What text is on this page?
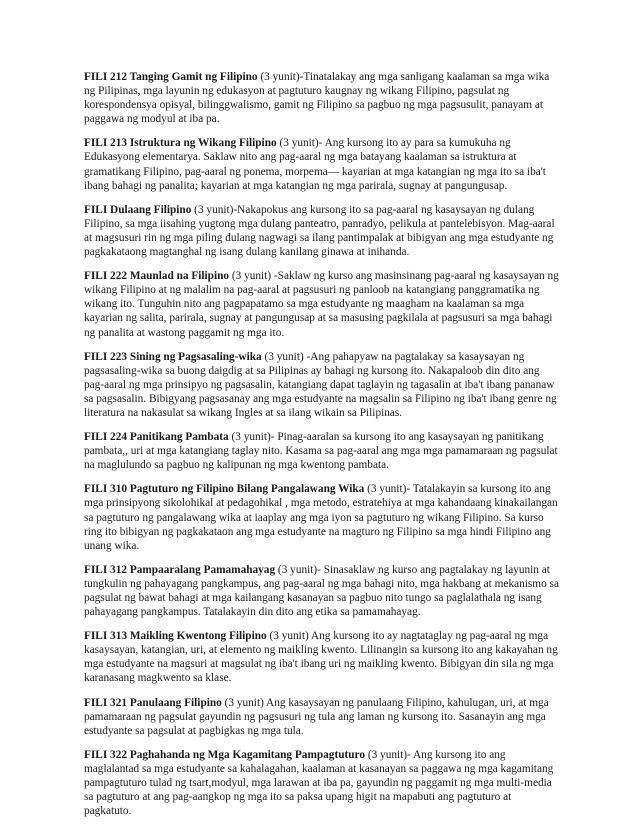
FILI 212 Tanging Gamit ng Filipino (3 yunit)-Tinatalakay ang mga sanligang kaalaman sa mga wika ng Pilipinas, mga layunin ng edukasyon at pagtuturo kaugnay ng wikang Filipino, pagsulat ng korespondensya opisyal, bilinggwalismo, gamit ng Filipino sa pagbuo ng mga pagsusulit, panayam at paggawa ng modyul at iba pa.

FILI 213 Istruktura ng Wikang Filipino (3 yunit)- Ang kursong ito ay para sa kumukuha ng Edukasyong elementarya. Saklaw nito ang pag-aaral ng mga batayang kaalaman sa istruktura at gramatikang Filipino, pag-aaral ng ponema, morpema— kayarian at mga katangian ng mga ito sa iba't ibang bahagi ng panalita; kayarian at mga katangian ng mga parirala, sugnay at pangungusap.

FILI Dulaang Filipino (3 yunit)-Nakapokus ang kursong ito sa pag-aaral ng kasaysayan ng dulang Filipino, sa mga iisahing yugtong mga dulang panteatro, panradyo, pelikula at pantelebisyon. Mag-aaral at magsusuri rin ng mga piling dulang nagwagi sa ilang pantimpalak at bibigyan ang mga estudyante ng pagkakataong magtanghal ng isang dulang kanilang ginawa at inihanda.

FILI 222 Maunlad na Filipino (3 yunit) -Saklaw ng kurso ang masinsinang pag-aaral ng kasaysayan ng wikang Filipino at ng malalim na pag-aaral at pagsusuri ng panloob na katangiang panggramatika ng wikang ito. Tunguhin nito ang pagpapatamo sa mga estudyante ng maagham na kaalaman sa mga kayarian ng salita, parirala, sugnay at pangungusap at sa masusing pagkilala at pagsusuri sa mga bahagi ng panalita at wastong paggamit ng mga ito.

FILI 223 Sining ng Pagsasaling-wika (3 yunit) -Ang pahapyaw na pagtalakay sa kasaysayan ng pagsasaling-wika sa buong daigdig at sa Pilipinas ay bahagi ng kursong ito. Nakapaloob din dito ang pag-aaral ng mga prinsipyo ng pagsasalin, katangiang dapat taglayin ng tagasalin at iba't ibang pananaw sa pagsasalin. Bibigyang pagsasanay ang mga estudyante na magsalin sa Filipino ng iba't ibang genre ng literatura na nakasulat sa wikang Ingles at sa ilang wikain sa Pilipinas.

FILI 224 Panitikang Pambata (3 yunit)- Pinag-aaralan sa kursong ito ang kasaysayan ng panitikang pambata,, uri at mga katangiang taglay nito. Kasama sa pag-aaral ang mga mga pamamaraan ng pagsulat na maglulundo sa pagbuo ng kalipunan ng mga kwentong pambata.

FILI 310 Pagtuturo ng Filipino Bilang Pangalawang Wika (3 yunit)- Tatalakayin sa kursong ito ang mga prinsipyong sikolohikal at pedagohikal , mga metodo, estratehiya at mga kahandaang kinakailangan sa pagtuturo ng pangalawang wika at iaaplay ang mga iyon sa pagtuturo ng wikang Filipino. Sa kurso ring ito bibigyan ng pagkakataon ang mga estudyante na magturo ng Filipino sa mga hindi Filipino ang unang wika.

FILI 312 Pampaaralang Pamamahayag (3 yunit)- Sinasaklaw ng kurso ang pagtalakay ng layunin at tungkulin ng pahayagang pangkampus, ang pag-aaral ng mga bahagi nito, mga hakbang at mekanismo sa pagsulat ng bawat bahagi at mga kailangang kasanayan sa pagbuo nito tungo sa paglalathala ng isang pahayagang pangkampus. Tatalakayin din dito ang etika sa pamamahayag.

FILI 313 Maikling Kwentong Filipino (3 yunit) Ang kursong ito ay nagtataglay ng pag-aaral ng mga kasaysayan, katangian, uri, at elemento ng maikling kwento. Lilinangin sa kursong ito ang kakayahan ng mga estudyante na magsuri at magsulat ng iba't ibang uri ng maikling kwento. Bibigyan din sila ng mga karanasang magkwento sa klase.

FILI 321 Panulaang Filipino (3 yunit) Ang kasaysayan ng panulaang Filipino, kahulugan, uri, at mga pamamaraan ng pagsulat gayundin ng pagsusuri ng tula ang laman ng kursong ito. Sasanayin ang mga estudyante sa pagsulat at pagbigkas ng mga tula.

FILI 322 Paghahanda ng Mga Kagamitang Pampagtuturo (3 yunit)- Ang kursong ito ang maglalantad sa mga estudyante sa kahalagahan, kaalaman at kasanayan sa paggawa ng mga kagamitang pampagtuturo tulad ng tsart,modyul, mga larawan at iba pa, gayundin ng paggamit ng mga multi-media sa pagtuturo at ang pag-aangkop ng mga ito sa paksa upang higit na mapabuti ang pagtuturo at pagkatuto.
